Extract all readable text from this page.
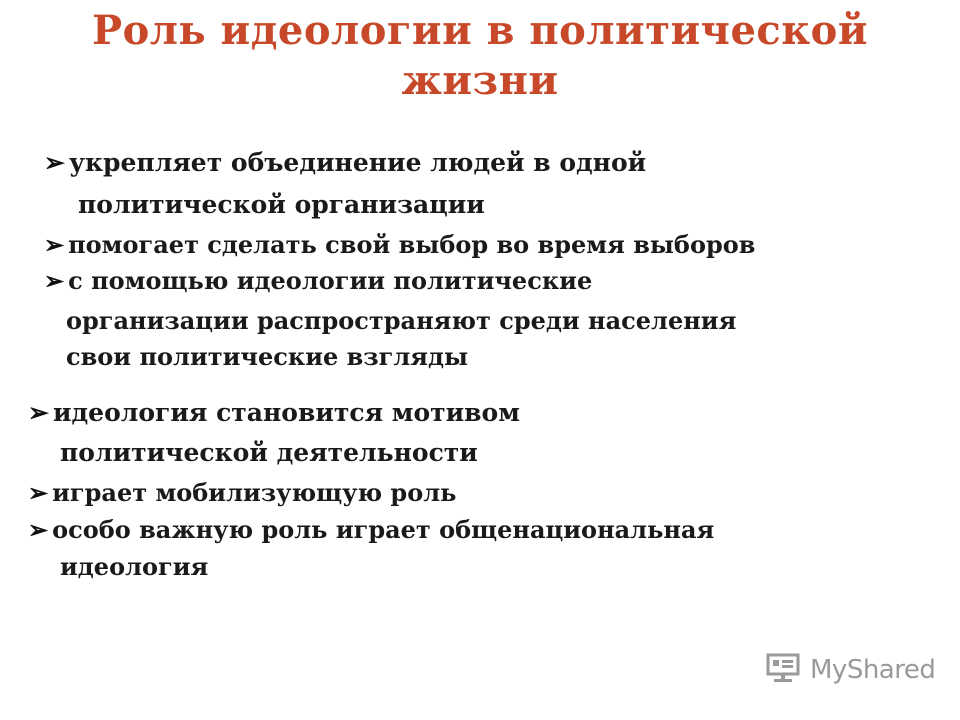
Роль идеологии в политической
жизни
➢ укрепляет объединение людей в одной
политической организации
➢ помогает сделать свой выбор во время выборов
➢ с помощью идеологии политические
организации распространяют среди населения
свои политические взгляды
➢ идеология становится мотивом
политической деятельности
➢ играет мобилизующую роль
➢ особо важную роль играет общенациональная
идеология
MyShared
